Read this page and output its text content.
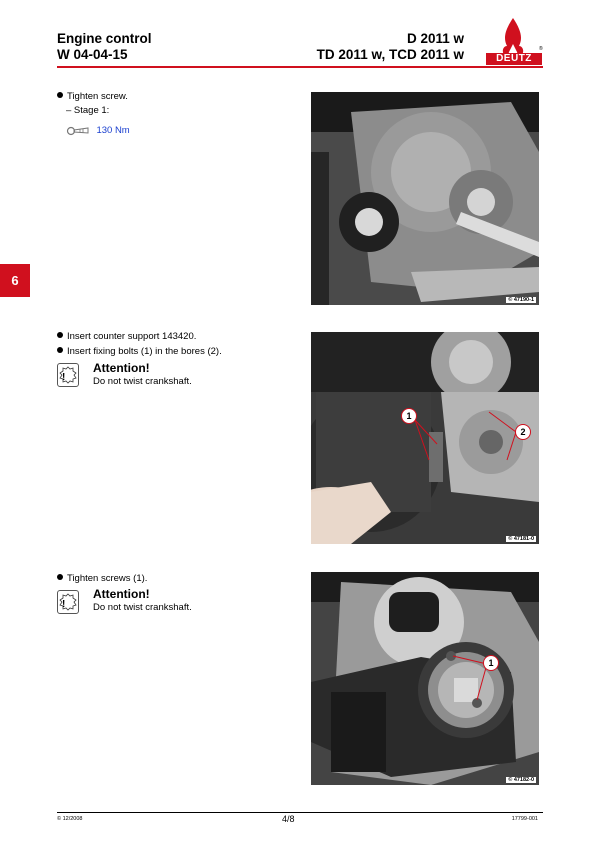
Engine control
W 04-04-15
D 2011 w
TD 2011 w, TCD 2011 w	®
DEUTZ
6
Tighten screw.
– Stage 1:
130 Nm
© 47190-1
Insert counter support 143420.
Insert fixing bolts (1) in the bores (2).
!
Attention!
Do not twist crankshaft.
1
2
© 47181-0
Tighten screws (1).
!
Attention!
Do not twist crankshaft.
1
© 47182-0
© 12/2008	4/8	17799-001
